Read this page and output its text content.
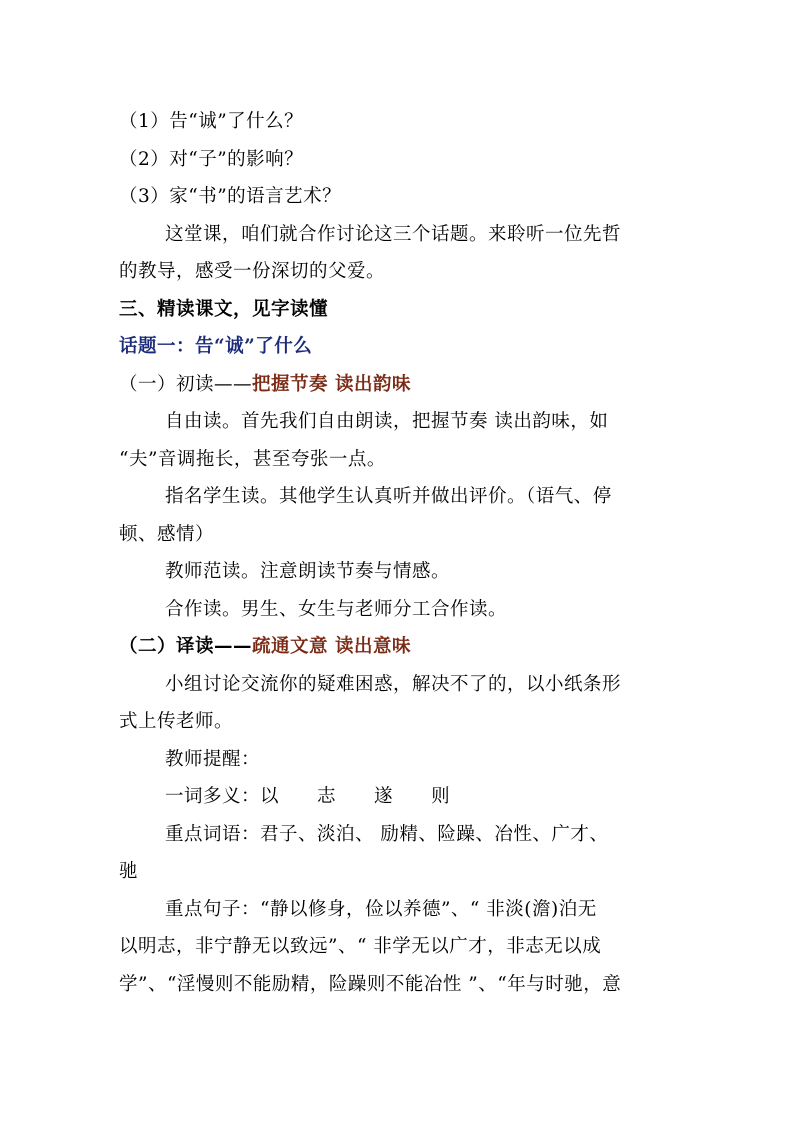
（1）告“诚”了什么？
（2）对“子”的影响？
（3）家“书”的语言艺术？
这堂课，咱们就合作讨论这三个话题。来聆听一位先哲
的教导，感受一份深切的父爱。
三、精读课文，见字读懂
话题一：告“诚”了什么
（一）初读——把握节奏 读出韵味
自由读。首先我们自由朗读，把握节奏 读出韵味，如
“夫”音调拖长，甚至夸张一点。
指名学生读。其他学生认真听并做出评价。（语气、停
顿、感情）
教师范读。注意朗读节奏与情感。
合作读。男生、女生与老师分工合作读。
（二）译读——疏通文意 读出意味
小组讨论交流你的疑难困惑，解决不了的，以小纸条形
式上传老师。
教师提醒：
一词多义：以 志 遂 则
重点词语：君子、淡泊、 励精、险躁、冶性、广才、
驰
重点句子：“静以修身，俭以养德”、“ 非淡(澹)泊无
以明志，非宁静无以致远”、“ 非学无以广才，非志无以成
学”、“淫慢则不能励精，险躁则不能冶性 ”、“年与时驰，意
